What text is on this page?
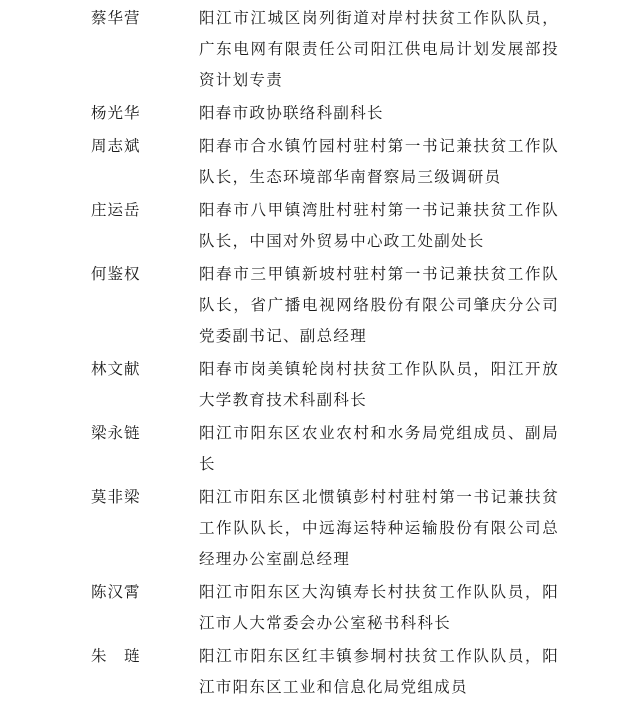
蔡华营	阳江市江城区岗列街道对岸村扶贫工作队队员，广东电网有限责任公司阳江供电局计划发展部投资计划专责
杨光华	阳春市政协联络科副科长
周志斌	阳春市合水镇竹园村驻村第一书记兼扶贫工作队队长，生态环境部华南督察局三级调研员
庄运岳	阳春市八甲镇湾肚村驻村第一书记兼扶贫工作队队长，中国对外贸易中心政工处副处长
何鉴权	阳春市三甲镇新坡村驻村第一书记兼扶贫工作队队长，省广播电视网络股份有限公司肇庆分公司党委副书记、副总经理
林文献	阳春市岗美镇轮岗村扶贫工作队队员，阳江开放大学教育技术科副科长
梁永链	阳江市阳东区农业农村和水务局党组成员、副局长
莫非梁	阳江市阳东区北惯镇彭村村驻村第一书记兼扶贫工作队队长，中远海运特种运输股份有限公司总经理办公室副总经理
陈汉霄	阳江市阳东区大沟镇寿长村扶贫工作队队员，阳江市人大常委会办公室秘书科科长
朱　琏	阳江市阳东区红丰镇参垌村扶贫工作队队员，阳江市阳东区工业和信息化局党组成员
